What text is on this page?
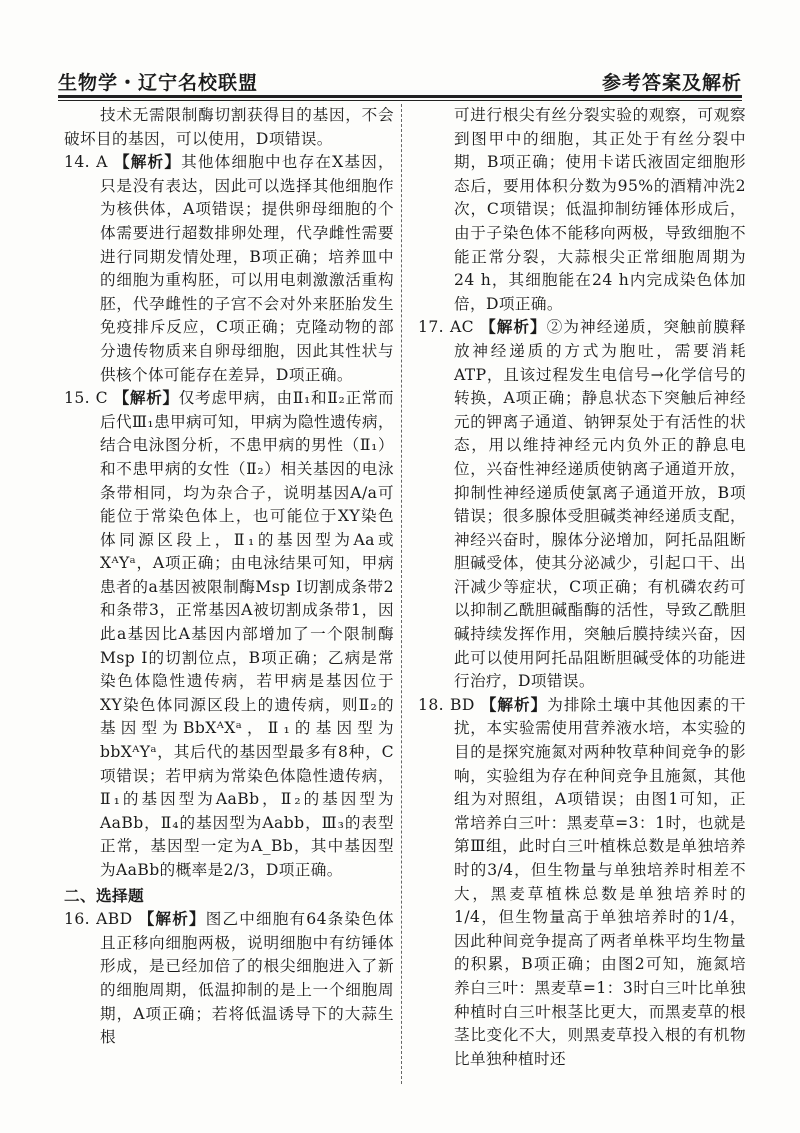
生物学・辽宁名校联盟	参考答案及解析

技术无需限制酶切割获得目的基因，不会破坏目的基因，可以使用，D项错误。

14. A 【解析】其他体细胞中也存在X基因，只是没有表达，因此可以选择其他细胞作为核供体，A项错误；提供卵母细胞的个体需要进行超数排卵处理，代孕雌性需要进行同期发情处理，B项正确；培养皿中的细胞为重构胚，可以用电刺激激活重构胚，代孕雌性的子宫不会对外来胚胎发生免疫排斥反应，C项正确；克隆动物的部分遗传物质来自卵母细胞，因此其性状与供核个体可能存在差异，D项正确。

15. C 【解析】仅考虑甲病，由Ⅱ₁和Ⅱ₂正常而后代Ⅲ₁患甲病可知，甲病为隐性遗传病，结合电泳图分析，不患甲病的男性（Ⅱ₁）和不患甲病的女性（Ⅱ₂）相关基因的电泳条带相同，均为杂合子，说明基因A/a可能位于常染色体上，也可能位于XY染色体同源区段上，Ⅱ₁的基因型为Aa或XᴬYᵃ，A项正确；由电泳结果可知，甲病患者的a基因被限制酶Msp Ⅰ切割成条带2和条带3，正常基因A被切割成条带1，因此a基因比A基因内部增加了一个限制酶Msp Ⅰ的切割位点，B项正确；乙病是常染色体隐性遗传病，若甲病是基因位于XY染色体同源区段上的遗传病，则Ⅱ₂的基因型为BbXᴬXᵃ，Ⅱ₁的基因型为bbXᴬYᵃ，其后代的基因型最多有8种，C项错误；若甲病为常染色体隐性遗传病，Ⅱ₁的基因型为AaBb，Ⅱ₂的基因型为AaBb，Ⅱ₄的基因型为Aabb，Ⅲ₃的表型正常，基因型一定为A_Bb，其中基因型为AaBb的概率是2/3，D项正确。

二、选择题

16. ABD 【解析】图乙中细胞有64条染色体且正移向细胞两极，说明细胞中有纺锤体形成，是已经加倍了的根尖细胞进入了新的细胞周期，低温抑制的是上一个细胞周期，A项正确；若将低温诱导下的大蒜生根

可进行根尖有丝分裂实验的观察，可观察到图甲中的细胞，其正处于有丝分裂中期，B项正确；使用卡诺氏液固定细胞形态后，要用体积分数为95%的酒精冲洗2次，C项错误；低温抑制纺锤体形成后，由于子染色体不能移向两极，导致细胞不能正常分裂，大蒜根尖正常细胞周期为24 h，其细胞能在24 h内完成染色体加倍，D项正确。

17. AC 【解析】②为神经递质，突触前膜释放神经递质的方式为胞吐，需要消耗ATP，且该过程发生电信号→化学信号的转换，A项正确；静息状态下突触后神经元的钾离子通道、钠钾泵处于有活性的状态，用以维持神经元内负外正的静息电位，兴奋性神经递质使钠离子通道开放，抑制性神经递质使氯离子通道开放，B项错误；很多腺体受胆碱类神经递质支配，神经兴奋时，腺体分泌增加，阿托品阻断胆碱受体，使其分泌减少，引起口干、出汗减少等症状，C项正确；有机磷农药可以抑制乙酰胆碱酯酶的活性，导致乙酰胆碱持续发挥作用，突触后膜持续兴奋，因此可以使用阿托品阻断胆碱受体的功能进行治疗，D项错误。

18. BD 【解析】为排除土壤中其他因素的干扰，本实验需使用营养液水培，本实验的目的是探究施氮对两种牧草种间竞争的影响，实验组为存在种间竞争且施氮，其他组为对照组，A项错误；由图1可知，正常培养白三叶：黑麦草=3：1时，也就是第Ⅲ组，此时白三叶植株总数是单独培养时的3/4，但生物量与单独培养时相差不大，黑麦草植株总数是单独培养时的1/4，但生物量高于单独培养时的1/4，因此种间竞争提高了两者单株平均生物量的积累，B项正确；由图2可知，施氮培养白三叶：黑麦草=1：3时白三叶比单独种植时白三叶根茎比更大，而黑麦草的根茎比变化不大，则黑麦草投入根的有机物比单独种植时还
